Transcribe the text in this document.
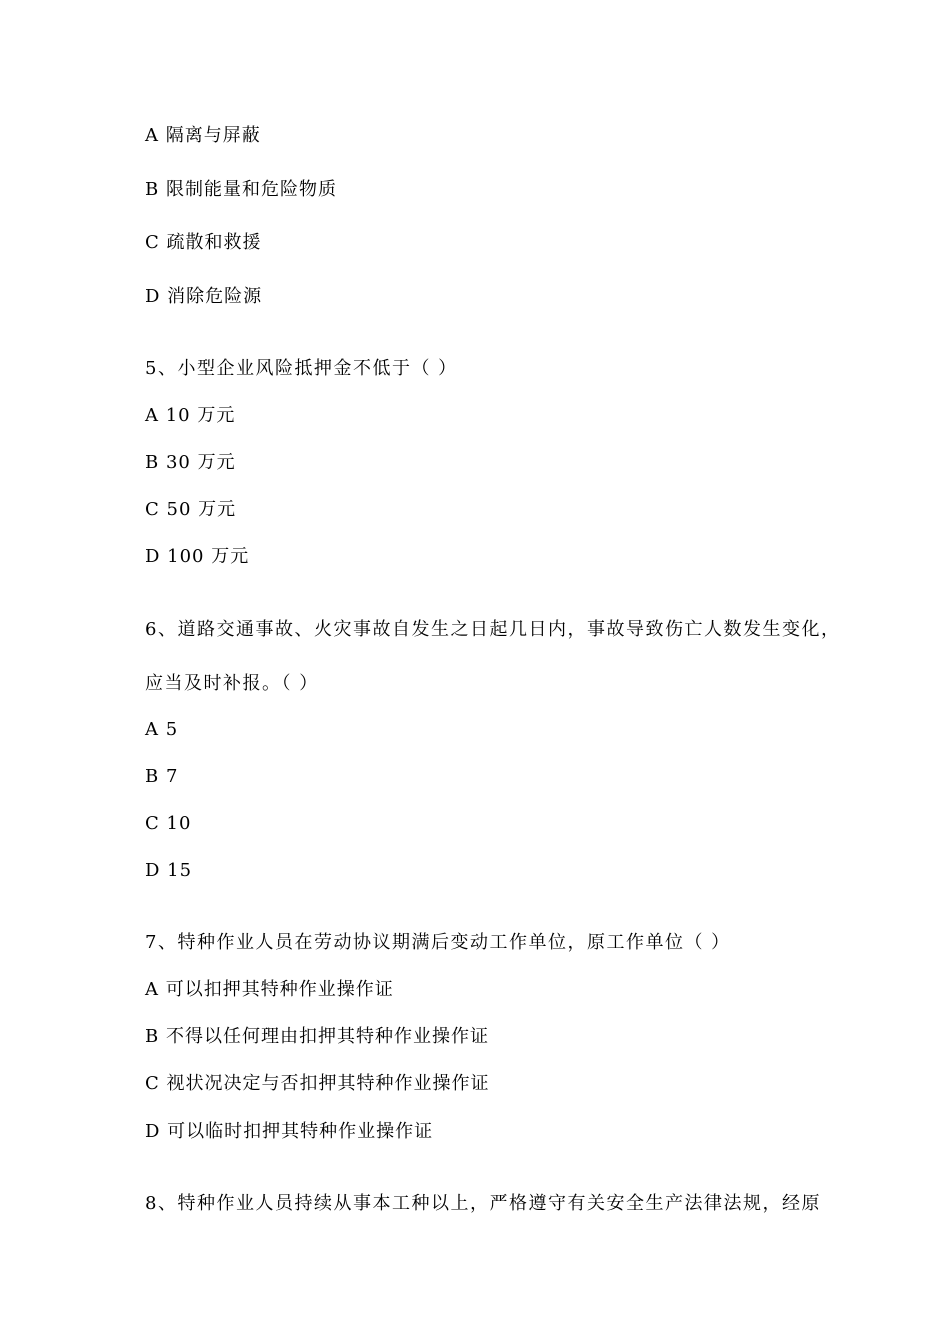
A 隔离与屏蔽
B 限制能量和危险物质
C 疏散和救援
D 消除危险源
5、小型企业风险抵押金不低于（ ）
A 10 万元
B 30 万元
C 50 万元
D 100 万元
6、道路交通事故、火灾事故自发生之日起几日内，事故导致伤亡人数发生变化，
应当及时补报。（ ）
A 5
B 7
C 10
D 15
7、特种作业人员在劳动协议期满后变动工作单位，原工作单位（ ）
A 可以扣押其特种作业操作证
B 不得以任何理由扣押其特种作业操作证
C 视状况决定与否扣押其特种作业操作证
D 可以临时扣押其特种作业操作证
8、特种作业人员持续从事本工种以上，严格遵守有关安全生产法律法规，经原
